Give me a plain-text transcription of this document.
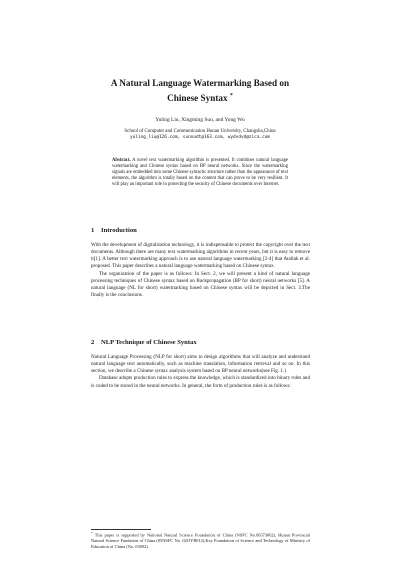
A Natural Language Watermarking Based on
Chinese Syntax *
Yuling Liu, Xingming Sun, and Yong Wu
School of Computer and Communication Hunan University, Changsha,China
yuling_liu@126.com, sunnudt@163.com, wydvdvd@zica.com
Abstract. A novel text watermarking algorithm is presented. It combines natural language watermarking and Chinese syntax based on BP neural networks. Since the watermarking signals are embedded into some Chinese syntactic structure rather than the appearance of text elements, the algorithm is totally based on the content that can prove to be very resilient. It will play an important role in protecting the security of Chinese documents over Internet.
1 Introduction

With the development of digitalization technology, it is indispensable to protect the copyright over the text documents. Although there are many text watermarking algorithms in recent years, but it is easy to remove it[1]. A better text watermarking approach is to use natural language watermarking [2-4] that Atallah et al. proposed. This paper describes a natural language watermarking based on Chinese syntax.

The organization of the paper is as follows: In Sect. 2, we will present a kind of natural language processing techniques of Chinese syntax based on Backpropagation (BP for short) neural networks [5]. A natural language (NL for short) watermarking based on Chinese syntax will be depicted in Sect. 3.The finally is the conclusions.

2 NLP Technique of Chinese Syntax

Natural Language Processing (NLP for short) aims to design algorithms that will analyze and understand natural language text automatically, such as machine translation, information retrieval and so on. In this section, we describe a Chinese syntax analysis system based on BP neural networks(see Fig. 1.)

Database adopts production rules to express the knowledge, which is standardized into binary rules and is coded to be stored in the neural networks. In general, the form of production rules is as follows:

* This paper is supported by National Natural Science Foundation of China (NSFC No.60373062), Hunan Provincial Natural Science Fundation of China (05NSFC No. 02JJYB012),Key Foundation of Science and Technology of Ministry of Education of China (No. 03092).
